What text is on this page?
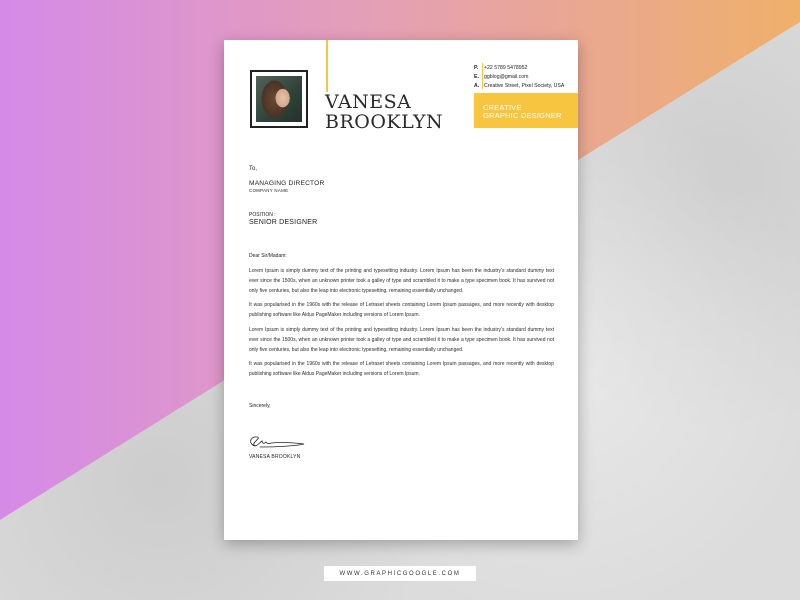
VANESA
BROOKLYN
P.	+22 5789 5478952
E. ggblog@gmail.com
A. Creative Street, Pixel Society, USA
CREATIVE
GRAPHIC DESIGNER
To,
MANAGING DIRECTOR
COMPANY NAME
POSITION :
SENIOR DESIGNER
Dear Sir/Madam:
Lorem Ipsum is simply dummy text of the printing and typesetting industry. Lorem Ipsum has been the industry's standard dummy text ever since the 1500s, when an unknown printer took a galley of type and scrambled it to make a type specimen book. It has survived not only five centuries, but also the leap into electronic typesetting, remaining essentially unchanged.
It was popularised in the 1960s with the release of Letraset sheets containing Lorem Ipsum passages, and more recently with desktop publishing software like Aldus PageMaker including versions of Lorem Ipsum.
Lorem Ipsum is simply dummy text of the printing and typesetting industry. Lorem Ipsum has been the industry's standard dummy text ever since the 1500s, when an unknown printer took a galley of type and scrambled it to make a type specimen book. It has survived not only five centuries, but also the leap into electronic typesetting, remaining essentially unchanged.
It was popularised in the 1960s with the release of Letraset sheets containing Lorem Ipsum passages, and more recently with desktop publishing software like Aldus PageMaker including versions of Lorem Ipsum.
Sincerely,
VANESA BROOKLYN
WWW.GRAPHICGOOGLE.COM
